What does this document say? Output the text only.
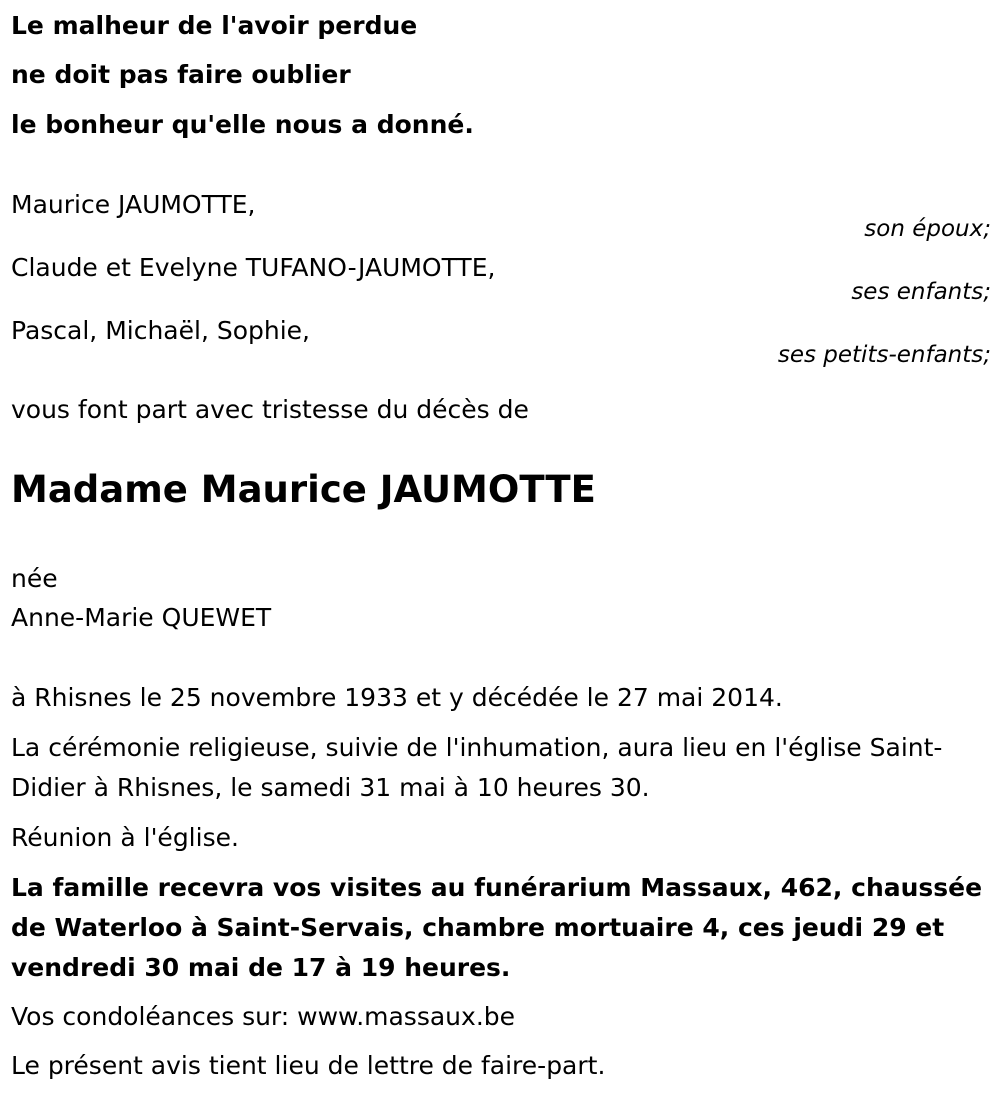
Le malheur de l'avoir perdue
ne doit pas faire oublier
le bonheur qu'elle nous a donné.
Maurice JAUMOTTE,
son époux;
Claude et Evelyne TUFANO-JAUMOTTE,
ses enfants;
Pascal, Michaël, Sophie,
ses petits-enfants;
vous font part avec tristesse du décès de
Madame Maurice JAUMOTTE
née
Anne-Marie QUEWET
à Rhisnes le 25 novembre 1933 et y décédée le 27 mai 2014.
La cérémonie religieuse, suivie de l'inhumation, aura lieu en l'église Saint-Didier à Rhisnes, le samedi 31 mai à 10 heures 30.
Réunion à l'église.
La famille recevra vos visites au funérarium Massaux, 462, chaussée de Waterloo à Saint-Servais, chambre mortuaire 4, ces jeudi 29 et vendredi 30 mai de 17 à 19 heures.
Vos condoléances sur: www.massaux.be
Le présent avis tient lieu de lettre de faire-part.
